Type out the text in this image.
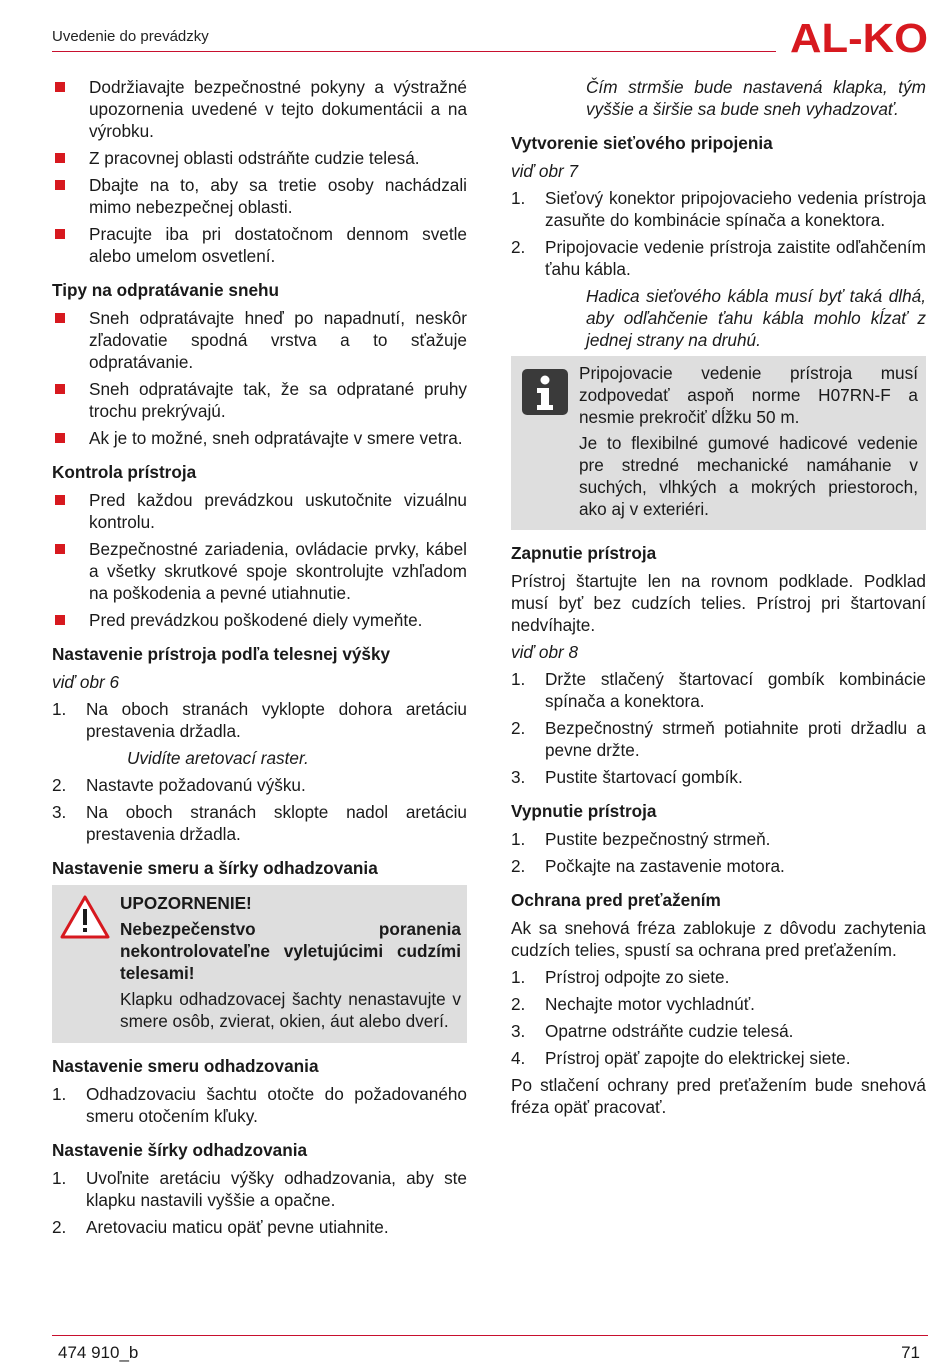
Uvedenie do prevádzky	AL-KO
Dodržiavajte bezpečnostné pokyny a výstražné upozornenia uvedené v tejto dokumentácii a na výrobku.
Z pracovnej oblasti odstráňte cudzie telesá.
Dbajte na to, aby sa tretie osoby nachádzali mimo nebezpečnej oblasti.
Pracujte iba pri dostatočnom dennom svetle alebo umelom osvetlení.
Tipy na odpratávanie snehu
Sneh odpratávajte hneď po napadnutí, neskôr zľadovatie spodná vrstva a to sťažuje odpratávanie.
Sneh odpratávajte tak, že sa odpratané pruhy trochu prekrývajú.
Ak je to možné, sneh odpratávajte v smere vetra.
Kontrola prístroja
Pred každou prevádzkou uskutočnite vizuálnu kontrolu.
Bezpečnostné zariadenia, ovládacie prvky, kábel a všetky skrutkové spoje skontrolujte vzhľadom na poškodenia a pevné utiahnutie.
Pred prevádzkou poškodené diely vymeňte.
Nastavenie prístroja podľa telesnej výšky
viď obr 6
1. Na oboch stranách vyklopte dohora aretáciu prestavenia držadla.
Uvidíte aretovací raster.
2. Nastavte požadovanú výšku.
3. Na oboch stranách sklopte nadol aretáciu prestavenia držadla.
Nastavenie smeru a šírky odhadzovania

UPOZORNENIE!

Nebezpečenstvo poranenia nekontrolovateľne vyletujúcimi cudzími telesami!

Klapku odhadzovacej šachty nenastavujte v smere osôb, zvierat, okien, áut alebo dverí.

Nastavenie smeru odhadzovania
1. Odhadzovaciu šachtu otočte do požadovaného smeru otočením kľuky.
Nastavenie šírky odhadzovania
1. Uvoľnite aretáciu výšky odhadzovania, aby ste klapku nastavili vyššie a opačne.
2. Aretovaciu maticu opäť pevne utiahnite.
Čím strmšie bude nastavená klapka, tým vyššie a širšie sa bude sneh vyhadzovať.
Vytvorenie sieťového pripojenia
viď obr 7
1. Sieťový konektor pripojovacieho vedenia prístroja zasuňte do kombinácie spínača a konektora.
2. Pripojovacie vedenie prístroja zaistite odľahčením ťahu kábla.
Hadica sieťového kábla musí byť taká dlhá, aby odľahčenie ťahu kábla mohlo kĺzať z jednej strany na druhú.

Pripojovacie vedenie prístroja musí zodpovedať aspoň norme H07RN-F a nesmie prekročiť dĺžku 50 m.

Je to flexibilné gumové hadicové vedenie pre stredné mechanické namáhanie v suchých, vlhkých a mokrých priestoroch, ako aj v exteriéri.

Zapnutie prístroja
Prístroj štartujte len na rovnom podklade. Podklad musí byť bez cudzích telies. Prístroj pri štartovaní nedvíhajte.
viď obr 8
1. Držte stlačený štartovací gombík kombinácie spínača a konektora.
2. Bezpečnostný strmeň potiahnite proti držadlu a pevne držte.
3. Pustite štartovací gombík.
Vypnutie prístroja
1. Pustite bezpečnostný strmeň.
2. Počkajte na zastavenie motora.
Ochrana pred preťažením
Ak sa snehová fréza zablokuje z dôvodu zachytenia cudzích telies, spustí sa ochrana pred preťažením.
1. Prístroj odpojte zo siete.
2. Nechajte motor vychladnúť.
3. Opatrne odstráňte cudzie telesá.
4. Prístroj opäť zapojte do elektrickej siete.
Po stlačení ochrany pred preťažením bude snehová fréza opäť pracovať.
474 910_b	71
